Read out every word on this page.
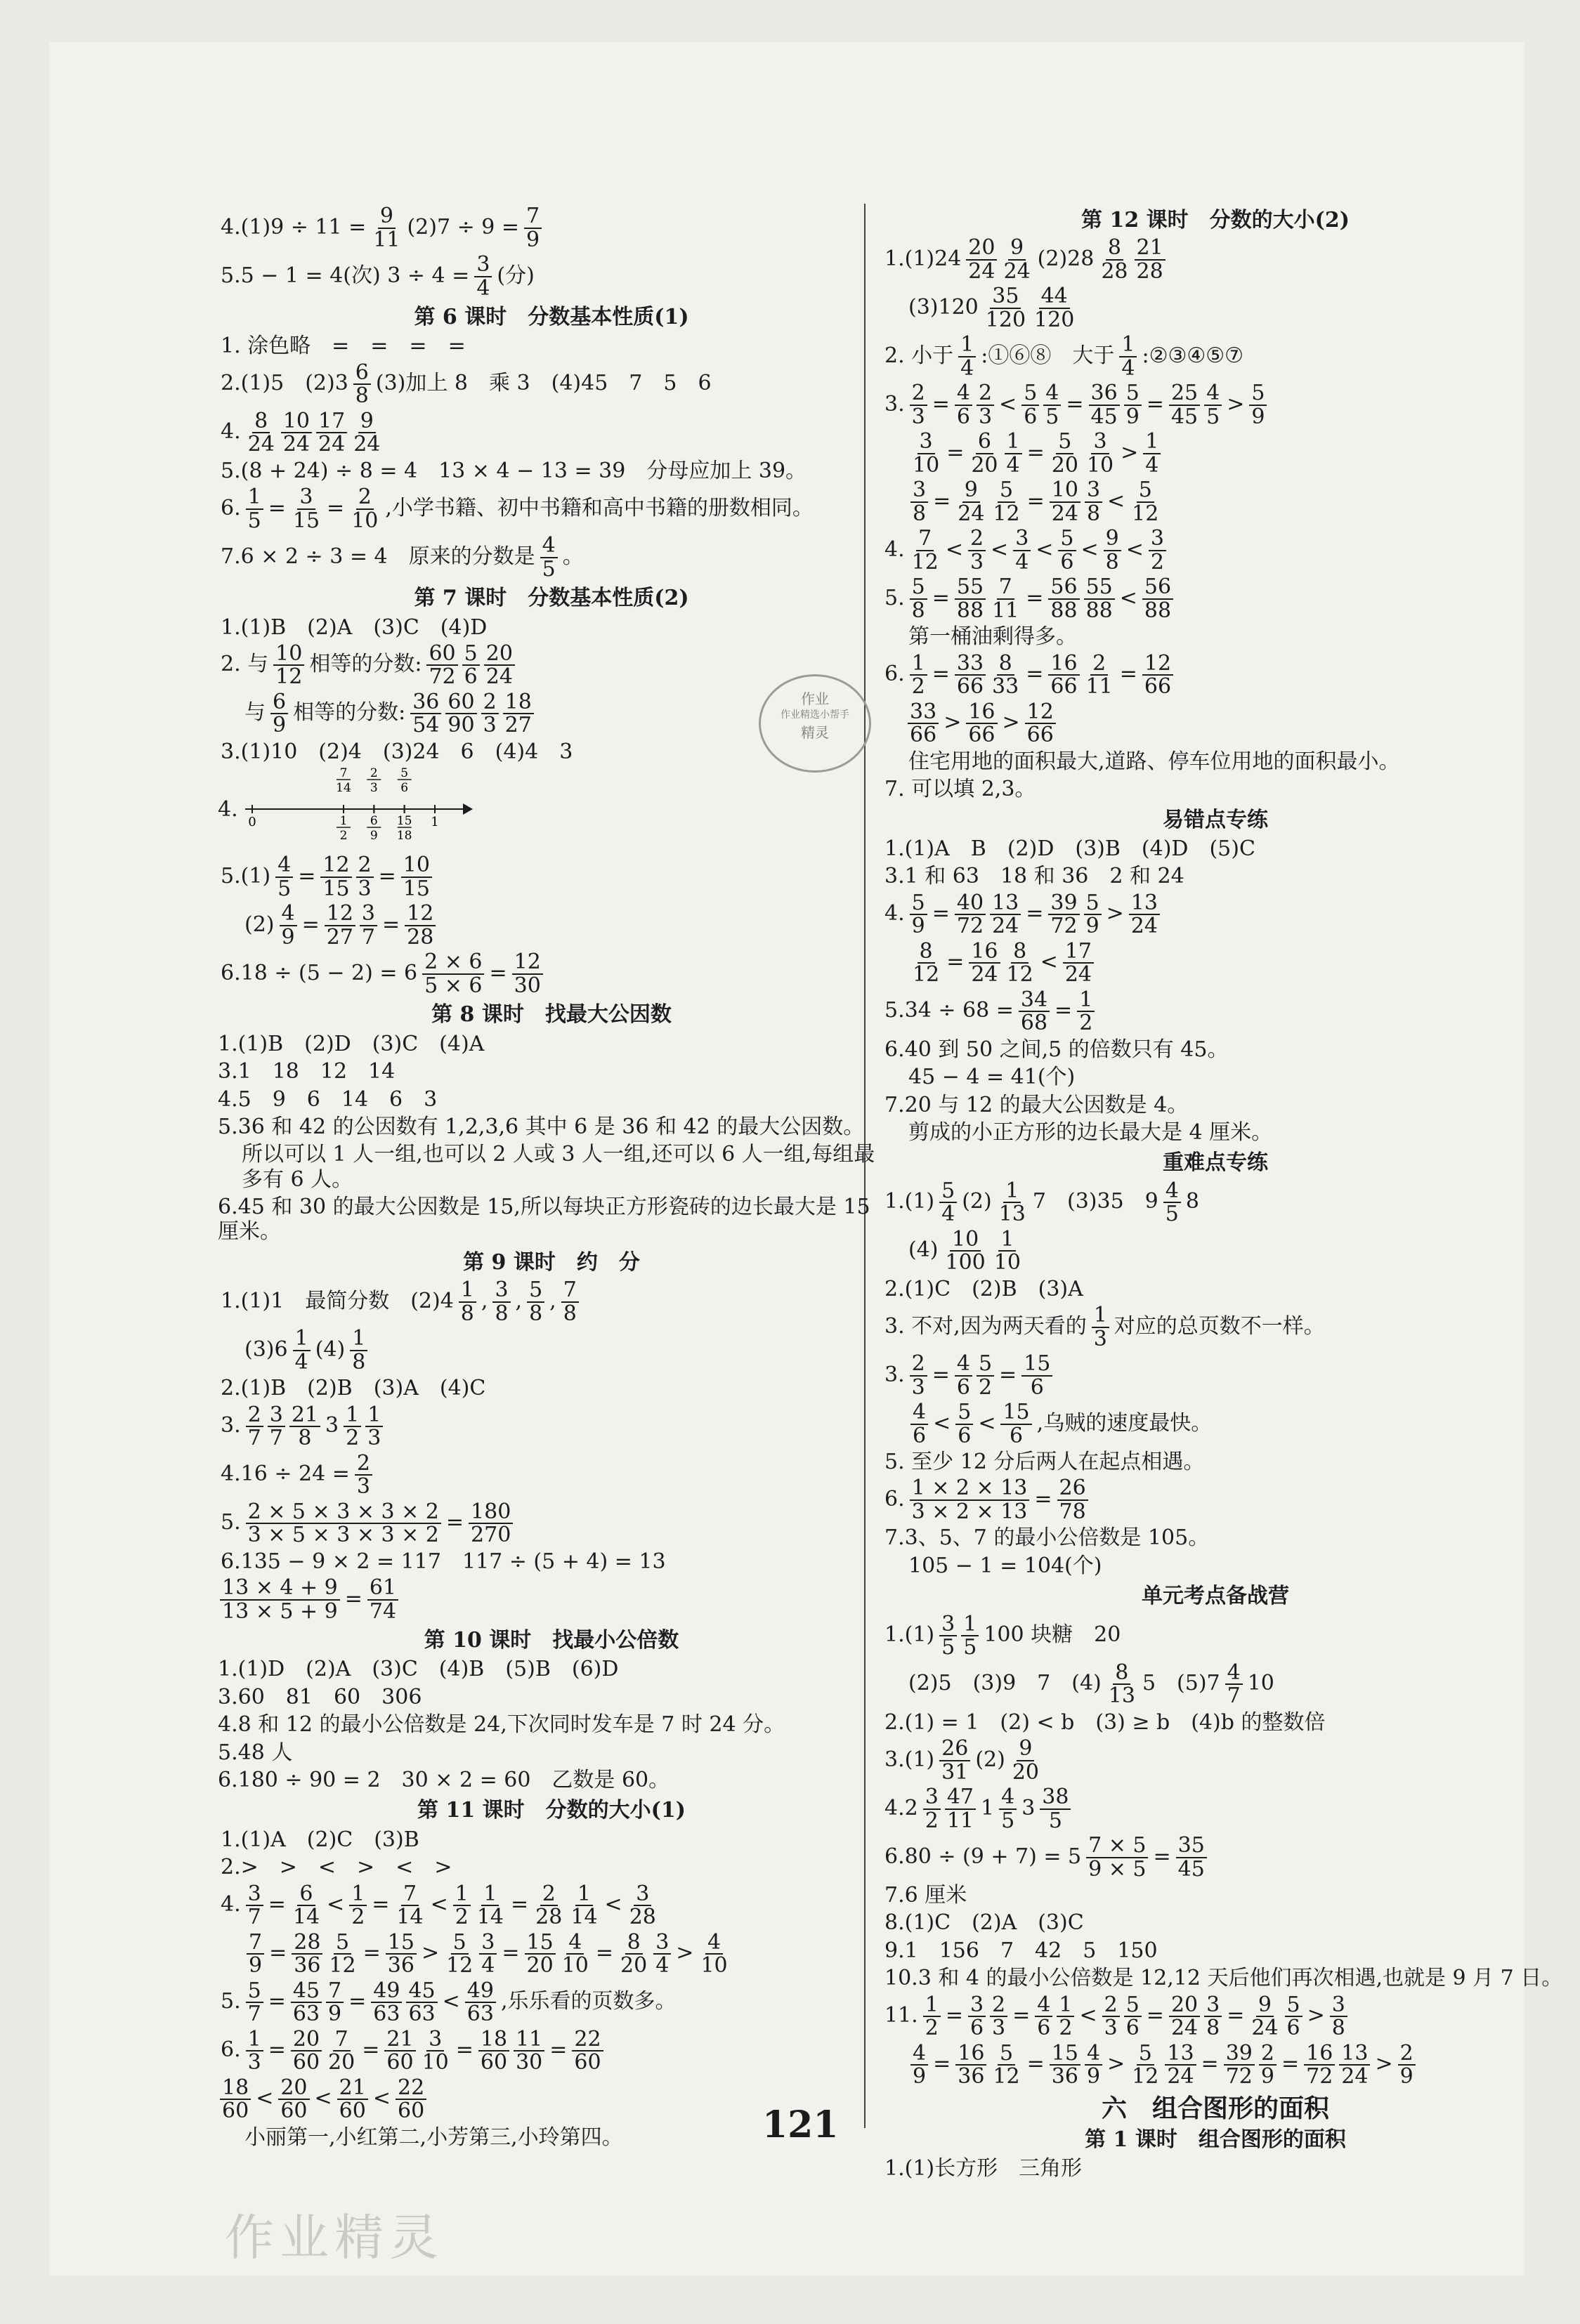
$4.(1)9 \div 11 = \frac{9}{11} (2)7 \div 9 = \frac{7}{9}$
5.5 − 1 = 4(次) $3 \div 4 = \frac{3}{4}$ (分)
第 6 课时　分数基本性质(1)
1. 涂色略　=　=　=　=
2.(1)5　$(2)3 \frac{6}{8} (3)$加上 8　乘 3　(4)45　7　5　6
4. $\frac{8}{24} \frac{10}{24} \frac{17}{24} \frac{9}{24}$
5.(8 + 24) ÷ 8 = 4　13 × 4 − 13 = 39　分母应加上 39。
6. $\frac{1}{5} = \frac{3}{15} = \frac{2}{10}$ ,小学书籍、初中书籍和高中书籍的册数相同。
7.6 × 2 ÷ 3 = 4　原来的分数是 $\frac{4}{5}$ 。
第 7 课时　分数基本性质(2)
1.(1)B　(2)A　(3)C　(4)D
2. 与 $\frac{10}{12}$ 相等的分数: $\frac{60}{72} \frac{5}{6} \frac{20}{24}$
与 $\frac{6}{9}$ 相等的分数: $\frac{36}{54} \frac{60}{90} \frac{2}{3} \frac{18}{27}$
3.(1)10　(2)4　(3)24　6　(4)4　3
4.
0	1
7
14
2
3
5
6
1
2
6
9
15
18
$5.(1) \frac{4}{5} = \frac{12}{15} \frac{2}{3} = \frac{10}{15}$
$(2) \frac{4}{9} = \frac{12}{27} \frac{3}{7} = \frac{12}{28}$
$6.18 \div (5 - 2) = 6 \frac{2 \times 6}{5 \times 6} = \frac{12}{30}$
第 8 课时　找最大公因数
1.(1)B　(2)D　(3)C　(4)A
3.1　18　12　14
4.5　9　6　14　6　3
5.36 和 42 的公因数有 1,2,3,6 其中 6 是 36 和 42 的最大公因数。
所以可以 1 人一组,也可以 2 人或 3 人一组,还可以 6 人一组,每组最多有 6 人。
6.45 和 30 的最大公因数是 15,所以每块正方形瓷砖的边长最大是 15 厘米。
第 9 课时　约　分
1.(1)1　最简分数　$(2)4 \frac{1}{8}$ , $\frac{3}{8}$ , $\frac{5}{8}$ , $\frac{7}{8}$
$(3)6 \frac{1}{4} (4) \frac{1}{8}$
2.(1)B　(2)B　(3)A　(4)C
3. $\frac{2}{7} \frac{3}{7} \frac{21}{8} 3 \frac{1}{2} \frac{1}{3}$
$4.16 \div 24 = \frac{2}{3}$
5. $\frac{2 \times 5 \times 3 \times 3 \times 2}{3 \times 5 \times 3 \times 3 \times 2} = \frac{180}{270}$
6.135 − 9 × 2 = 117　117 ÷ (5 + 4) = 13
$\frac{13 \times 4 + 9}{13 \times 5 + 9} = \frac{61}{74}$
第 10 课时　找最小公倍数
1.(1)D　(2)A　(3)C　(4)B　(5)B　(6)D
3.60　81　60　306
4.8 和 12 的最小公倍数是 24,下次同时发车是 7 时 24 分。
5.48 人
6.180 ÷ 90 = 2　30 × 2 = 60　乙数是 60。
第 11 课时　分数的大小(1)
1.(1)A　(2)C　(3)B
2.>　>　<　>　<　>
4. $\frac{3}{7} = \frac{6}{14} < \frac{1}{2} = \frac{7}{14} < \frac{1}{2} \frac{1}{14} = \frac{2}{28} \frac{1}{14} < \frac{3}{28}$

$\frac{7}{9} = \frac{28}{36} \frac{5}{12} = \frac{15}{36} > \frac{5}{12} \frac{3}{4} = \frac{15}{20} \frac{4}{10} = \frac{8}{20} \frac{3}{4} > \frac{4}{10}$
5. $\frac{5}{7} = \frac{45}{63} \frac{7}{9} = \frac{49}{63} \frac{45}{63} < \frac{49}{63}$ ,乐乐看的页数多。
6. $\frac{1}{3} = \frac{20}{60} \frac{7}{20} = \frac{21}{60} \frac{3}{10} = \frac{18}{60} \frac{11}{30} = \frac{22}{60}$
$\frac{18}{60} < \frac{20}{60} < \frac{21}{60} < \frac{22}{60}$
小丽第一,小红第二,小芳第三,小玲第四。
第 12 课时　分数的大小(2)
$1.(1)24 \frac{20}{24} \frac{9}{24} (2)28 \frac{8}{28} \frac{21}{28}$
$(3)120 \frac{35}{120} \frac{44}{120}$
2. 小于 $\frac{1}{4}$ :①⑥⑧　大于 $\frac{1}{4}$ :②③④⑤⑦
3. $\frac{2}{3} = \frac{4}{6} \frac{2}{3} < \frac{5}{6} \frac{4}{5} = \frac{36}{45} \frac{5}{9} = \frac{25}{45} \frac{4}{5} > \frac{5}{9}$

$\frac{3}{10} = \frac{6}{20} \frac{1}{4} = \frac{5}{20} \frac{3}{10} > \frac{1}{4}$

$\frac{3}{8} = \frac{9}{24} \frac{5}{12} = \frac{10}{24} \frac{3}{8} < \frac{5}{12}$
4. $\frac{7}{12} < \frac{2}{3} < \frac{3}{4} < \frac{5}{6} < \frac{9}{8} < \frac{3}{2}$
5. $\frac{5}{8} = \frac{55}{88} \frac{7}{11} = \frac{56}{88} \frac{55}{88} < \frac{56}{88}$
第一桶油剩得多。
6. $\frac{1}{2} = \frac{33}{66} \frac{8}{33} = \frac{16}{66} \frac{2}{11} = \frac{12}{66}$
$\frac{33}{66} > \frac{16}{66} > \frac{12}{66}$
住宅用地的面积最大,道路、停车位用地的面积最小。
7. 可以填 2,3。
易错点专练
1.(1)A　B　(2)D　(3)B　(4)D　(5)C
3.1 和 63　18 和 36　2 和 24
4. $\frac{5}{9} = \frac{40}{72} \frac{13}{24} = \frac{39}{72} \frac{5}{9} > \frac{13}{24}$

$\frac{8}{12} = \frac{16}{24} \frac{8}{12} < \frac{17}{24}$
$5.34 \div 68 = \frac{34}{68} = \frac{1}{2}$
6.40 到 50 之间,5 的倍数只有 45。
45 − 4 = 41(个)
7.20 与 12 的最大公因数是 4。
剪成的小正方形的边长最大是 4 厘米。
重难点专练
$1.(1) \frac{5}{4} (2) \frac{1}{13} 7$　(3)35　$9 \frac{4}{5} 8$
$(4) \frac{10}{100} \frac{1}{10}$
2.(1)C　(2)B　(3)A
3. 不对,因为两天看的 $\frac{1}{3}$ 对应的总页数不一样。
3. $\frac{2}{3} = \frac{4}{6} \frac{5}{2} = \frac{15}{6}$

$\frac{4}{6} < \frac{5}{6} < \frac{15}{6}$ ,乌贼的速度最快。
5. 至少 12 分后两人在起点相遇。
6. $\frac{1 \times 2 \times 13}{3 \times 2 \times 13} = \frac{26}{78}$
7.3、5、7 的最小公倍数是 105。
105 − 1 = 104(个)
单元考点备战营
$1.(1) \frac{3}{5} \frac{1}{5} 100$ 块糖　20
(2)5　(3)9　7　$(4) \frac{8}{13} 5$　$(5)7 \frac{4}{7} 10$
2.(1) = 1　(2) < b　(3) ≥ b　(4)b 的整数倍
$3.(1) \frac{26}{31} (2) \frac{9}{20}$
$4.2 \frac{3}{2} \frac{47}{11} 1 \frac{4}{5} 3 \frac{38}{5}$
$6.80 \div (9 + 7) = 5 \frac{7 \times 5}{9 \times 5} = \frac{35}{45}$
7.6 厘米
8.(1)C　(2)A　(3)C
9.1　156　7　42　5　150
10.3 和 4 的最小公倍数是 12,12 天后他们再次相遇,也就是 9 月 7 日。
11. $\frac{1}{2} = \frac{3}{6} \frac{2}{3} = \frac{4}{6} \frac{1}{2} < \frac{2}{3} \frac{5}{6} = \frac{20}{24} \frac{3}{8} = \frac{9}{24} \frac{5}{6} > \frac{3}{8}$

$\frac{4}{9} = \frac{16}{36} \frac{5}{12} = \frac{15}{36} \frac{4}{9} > \frac{5}{12} \frac{13}{24} = \frac{39}{72} \frac{2}{9} = \frac{16}{72} \frac{13}{24} > \frac{2}{9}$
六　组合图形的面积
第 1 课时　组合图形的面积
1.(1)长方形　三角形
作业
作业精选小帮手
精灵
121
作业精灵
